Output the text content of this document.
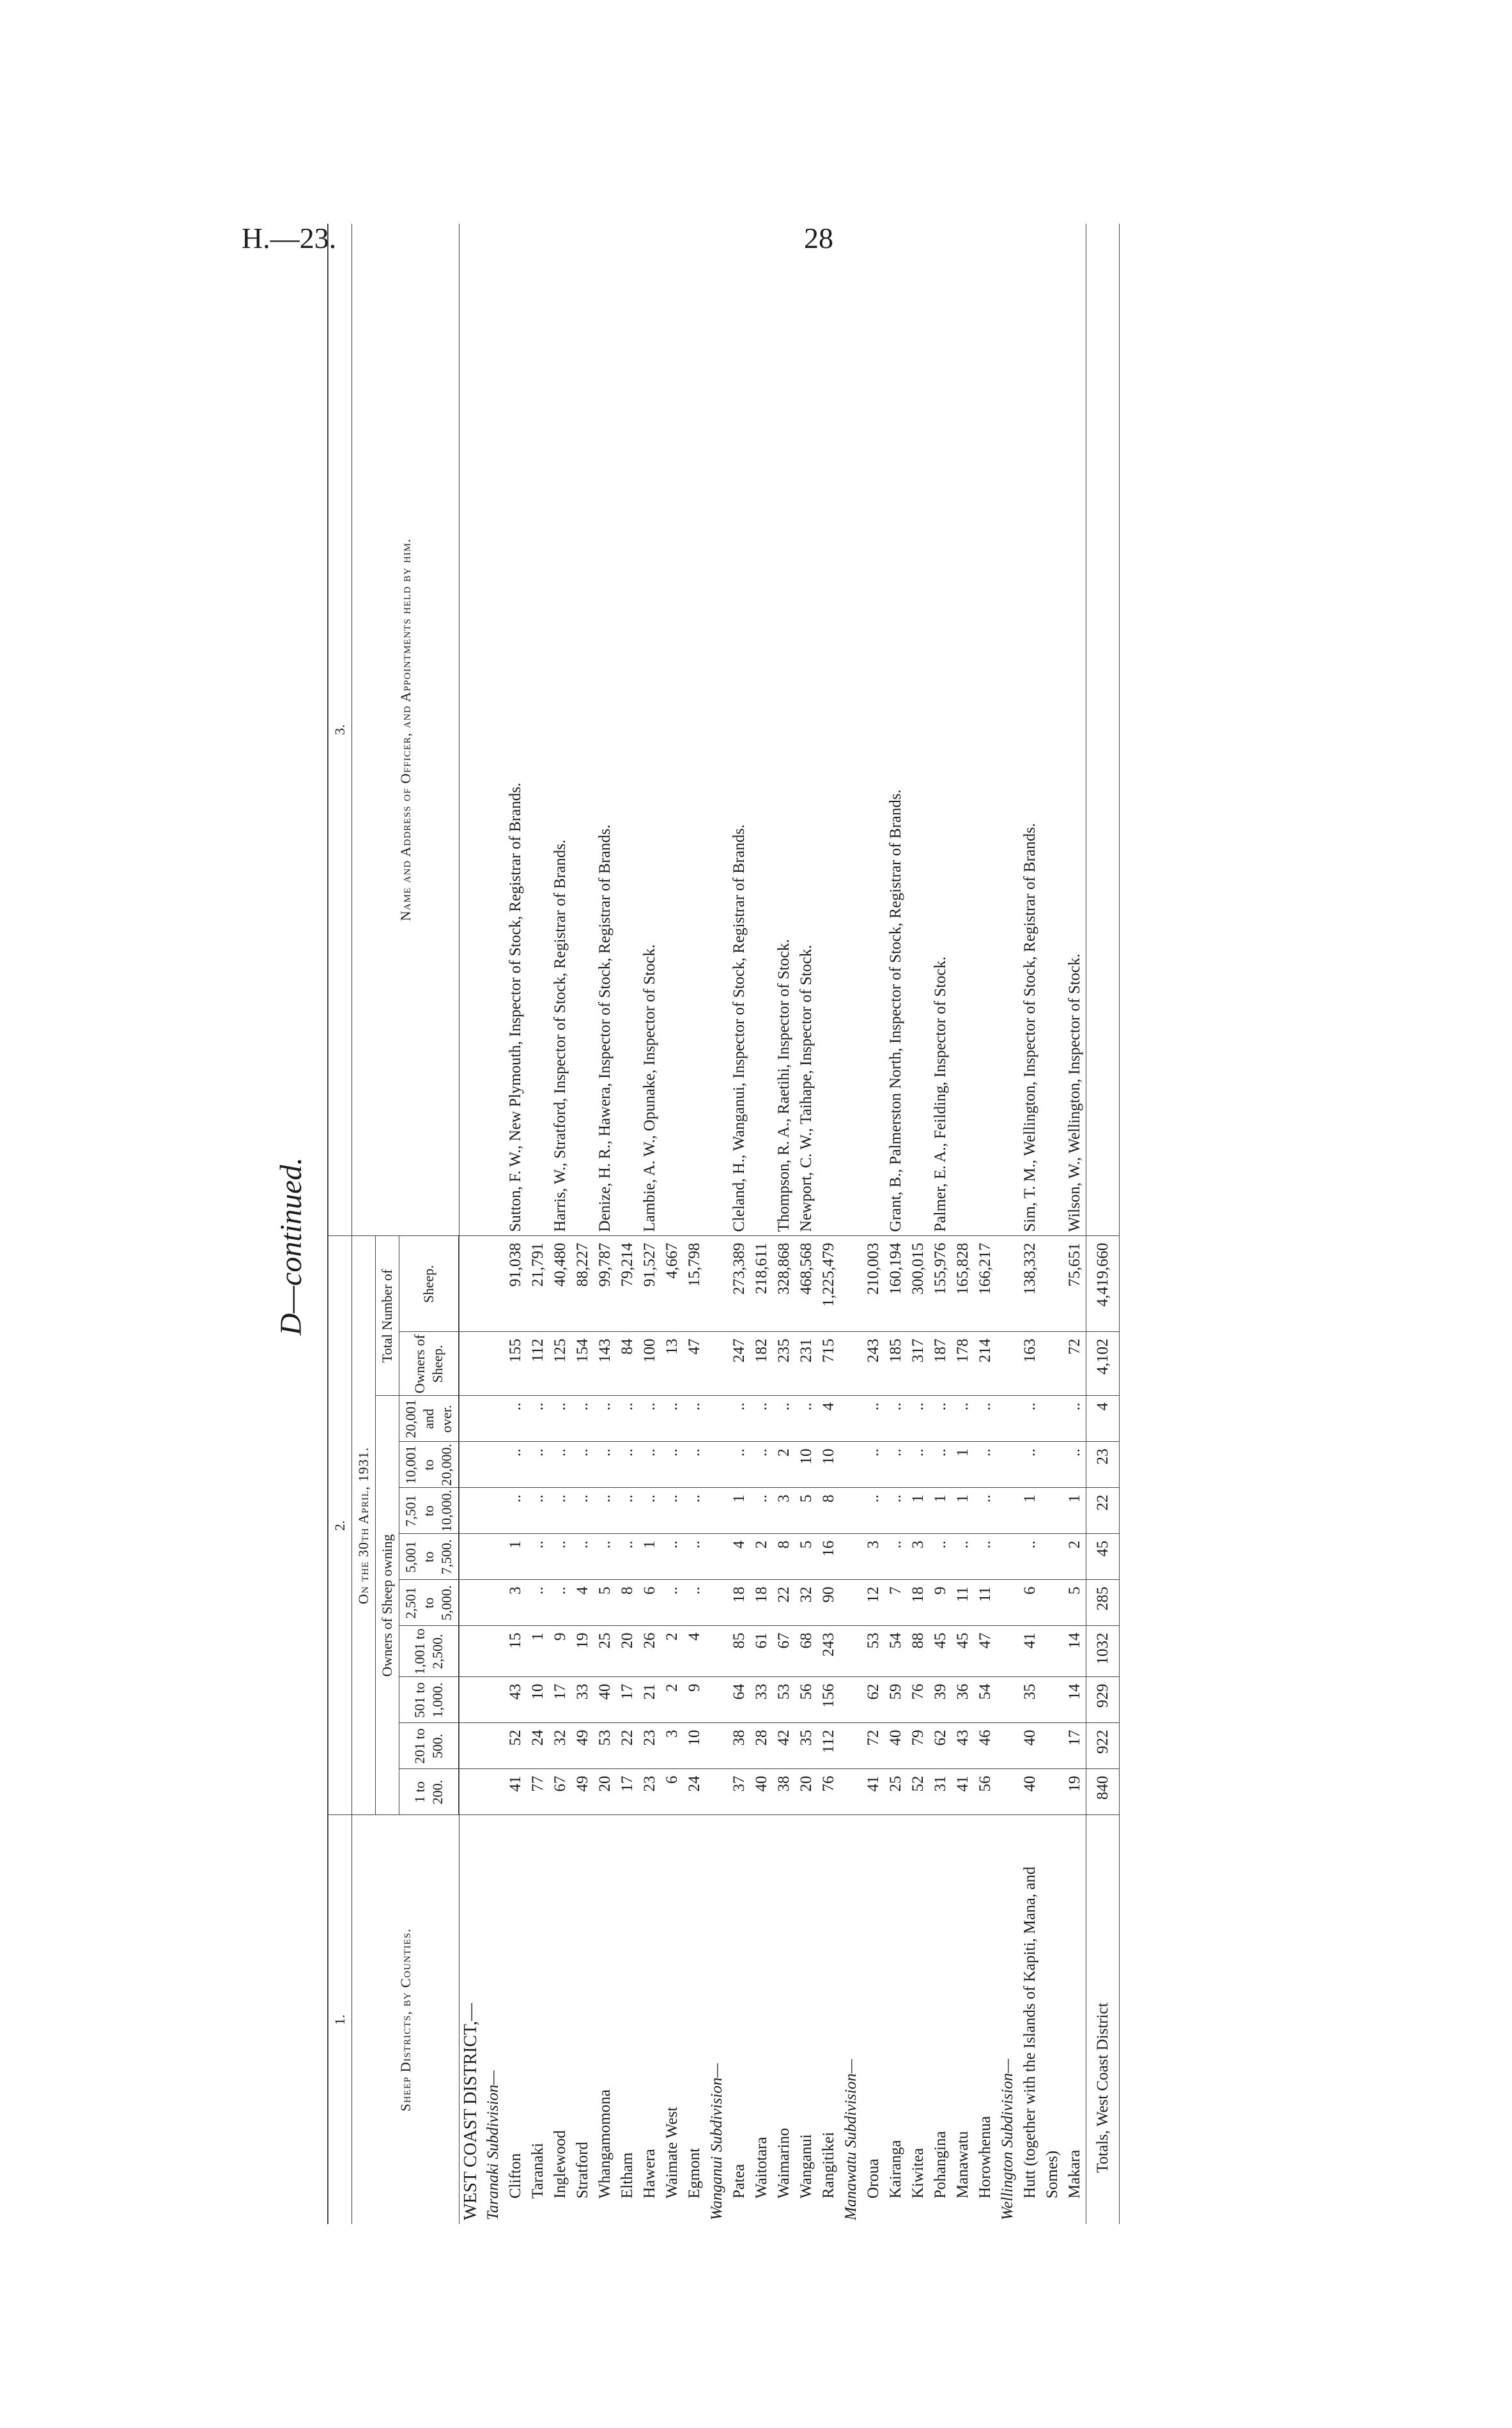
H.—23.	28
D—continued.
1.	2.											3.
Sheep Districts, by Counties.	On the 30th April, 1931.											Name and Address of Officer, and Appointments held by him.
	Owners of Sheep owning									Total Number of		
	1 to 200.	201 to 500.	501 to 1,000.	1,001 to 2,500.	2,501 to 5,000.	5,001 to 7,500.	7,501 to 10,000.	10,001 to 20,000.	20,001 and over.	Owners of Sheep.	Sheep.	

WEST COAST DISTRICT,—												
Taranaki Subdivision—												
Clifton	41	52	43	15	3	1	..	..	..	155	91,038	Sutton, F. W., New Plymouth, Inspector of Stock, Registrar of Brands.
Taranaki	77	24	10	1	..	..	..	..	..	112	21,791	
Inglewood	67	32	17	9	..	..	..	..	..	125	40,480	Harris, W., Stratford, Inspector of Stock, Registrar of Brands.
Stratford	49	49	33	19	4	..	..	..	..	154	88,227	
Whangamomona	20	53	40	25	5	..	..	..	..	143	99,787	Denize, H. R., Hawera, Inspector of Stock, Registrar of Brands.
Eltham	17	22	17	20	8	..	..	..	..	84	79,214	
Hawera	23	23	21	26	6	1	..	..	..	100	91,527	Lambie, A. W., Opunake, Inspector of Stock.
Waimate West	6	3	2	2	..	..	..	..	..	13	4,667	
Egmont	24	10	9	4	..	..	..	..	..	47	15,798	
Wanganui Subdivision—												
Patea	37	38	64	85	18	4	1	..	..	247	273,389	Cleland, H., Wanganui, Inspector of Stock, Registrar of Brands.
Waitotara	40	28	33	61	18	2	..	..	..	182	218,611	
Waimarino	38	42	53	67	22	8	3	2	..	235	328,868	Thompson, R. A., Raetihi, Inspector of Stock.
Wanganui	20	35	56	68	32	5	5	10	..	231	468,568	Newport, C. W., Taihape, Inspector of Stock.
Rangitikei	76	112	156	243	90	16	8	10	4	715	1,225,479	
Manawatu Subdivision—												
Oroua	41	72	62	53	12	3	..	..	..	243	210,003	
Kairanga	25	40	59	54	7	..	..	..	..	185	160,194	Grant, B., Palmerston North, Inspector of Stock, Registrar of Brands.
Kiwitea	52	79	76	88	18	3	1	..	..	317	300,015	
Pohangina	31	62	39	45	9	..	1	..	..	187	155,976	Palmer, E. A., Feilding, Inspector of Stock.
Manawatu	41	43	36	45	11	..	1	1	..	178	165,828	
Horowhenua	56	46	54	47	11	..	..	..	..	214	166,217	
Wellington Subdivision—												
Hutt (together with the Islands of Kapiti, Mana, and Somes)	40	40	35	41	6	..	1	..	..	163	138,332	Sim, T. M., Wellington, Inspector of Stock, Registrar of Brands.
Makara	19	17	14	14	5	2	1	..	..	72	75,651	Wilson, W., Wellington, Inspector of Stock.
Totals, West Coast District	840	922	929	1032	285	45	22	23	4	4,102	4,419,660	
